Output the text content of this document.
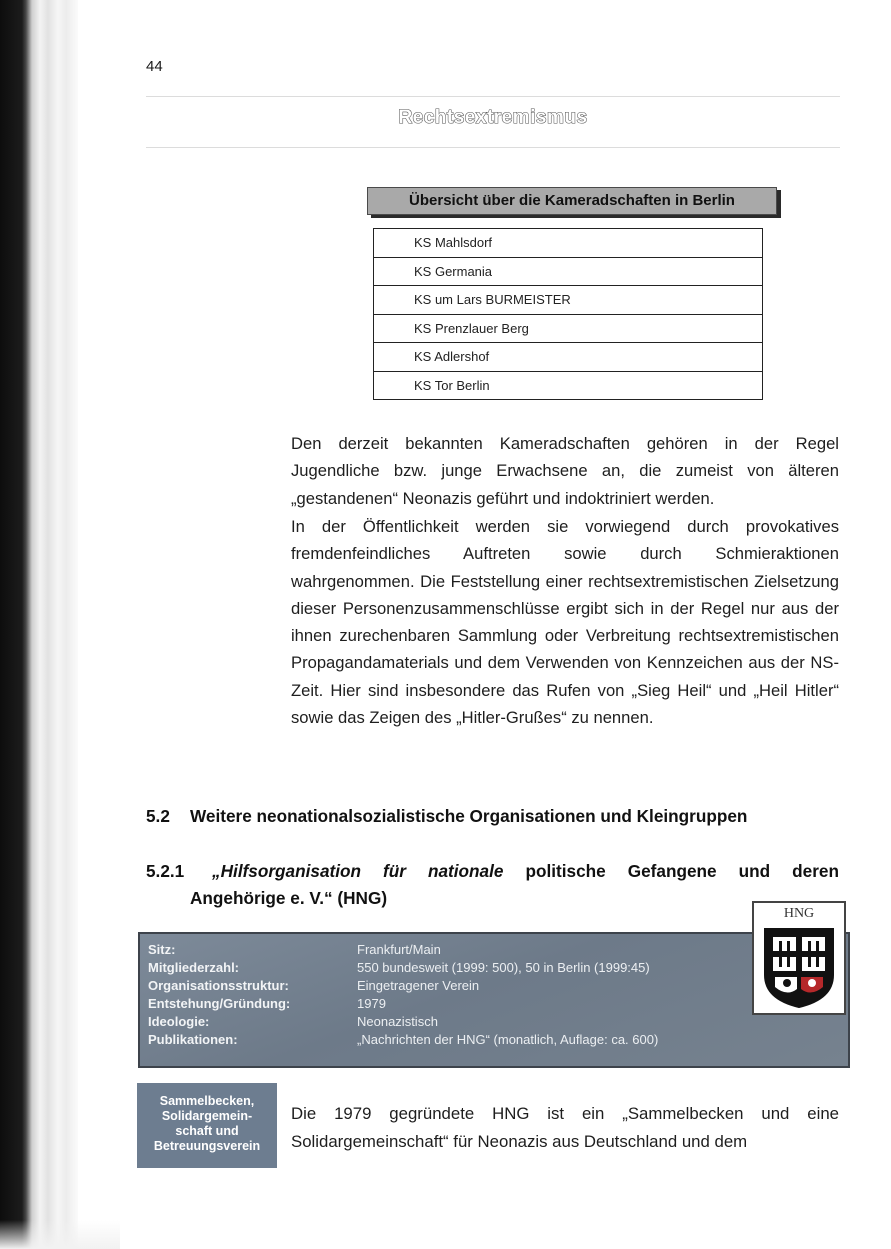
44
Rechtsextremismus
Übersicht über die Kameradschaften in Berlin
KS Mahlsdorf
KS Germania
KS um Lars BURMEISTER
KS Prenzlauer Berg
KS Adlershof
KS Tor Berlin

Den derzeit bekannten Kameradschaften gehören in der Regel Jugendliche bzw. junge Erwachsene an, die zumeist von älteren „gestandenen“ Neonazis geführt und indoktriniert werden.

In der Öffentlichkeit werden sie vorwiegend durch provokatives fremdenfeindliches Auftreten sowie durch Schmieraktionen wahrgenommen. Die Feststellung einer rechtsextremistischen Zielsetzung dieser Personenzusammenschlüsse ergibt sich in der Regel nur aus der ihnen zurechenbaren Sammlung oder Verbreitung rechtsextremistischen Propagandamaterials und dem Verwenden von Kennzeichen aus der NS-Zeit. Hier sind insbesondere das Rufen von „Sieg Heil“ und „Heil Hitler“ sowie das Zeigen des „Hitler-Grußes“ zu nennen.

5.2 Weitere neonationalsozialistische Organisationen und Kleingruppen
5.2.1	„Hilfsorganisation für nationale politische Gefangene und deren
Angehörige e. V.“ (HNG)
Sitz:	Frankfurt/Main
Mitgliederzahl:	550 bundesweit (1999: 500), 50 in Berlin (1999:45)
Organisationsstruktur:	Eingetragener Verein
Entstehung/Gründung:	1979
Ideologie:	Neonazistisch
Publikationen:	„Nachrichten der HNG“ (monatlich, Auflage: ca. 600)
HNG
Sammelbecken,
Solidargemein-
schaft und
Betreuungsverein

Die 1979 gegründete HNG ist ein „Sammelbecken und eine Solidargemeinschaft“ für Neonazis aus Deutschland und dem
